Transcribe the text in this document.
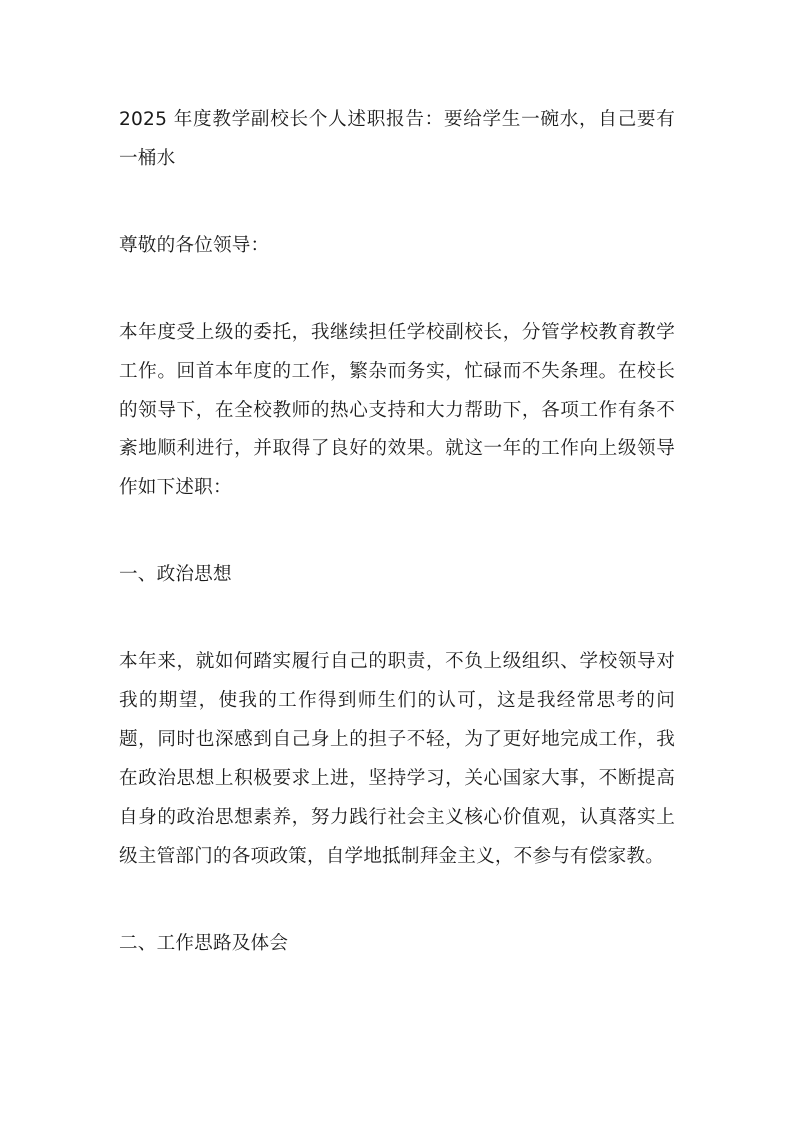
2025 年度教学副校长个人述职报告：要给学生一碗水，自己要有一桶水

尊敬的各位领导：

本年度受上级的委托，我继续担任学校副校长，分管学校教育教学工作。回首本年度的工作，繁杂而务实，忙碌而不失条理。在校长的领导下，在全校教师的热心支持和大力帮助下，各项工作有条不紊地顺利进行，并取得了良好的效果。就这一年的工作向上级领导作如下述职：

一、政治思想

本年来，就如何踏实履行自己的职责，不负上级组织、学校领导对我的期望，使我的工作得到师生们的认可，这是我经常思考的问题，同时也深感到自己身上的担子不轻，为了更好地完成工作，我在政治思想上积极要求上进，坚持学习，关心国家大事，不断提高自身的政治思想素养，努力践行社会主义核心价值观，认真落实上级主管部门的各项政策，自学地抵制拜金主义，不参与有偿家教。

二、工作思路及体会
